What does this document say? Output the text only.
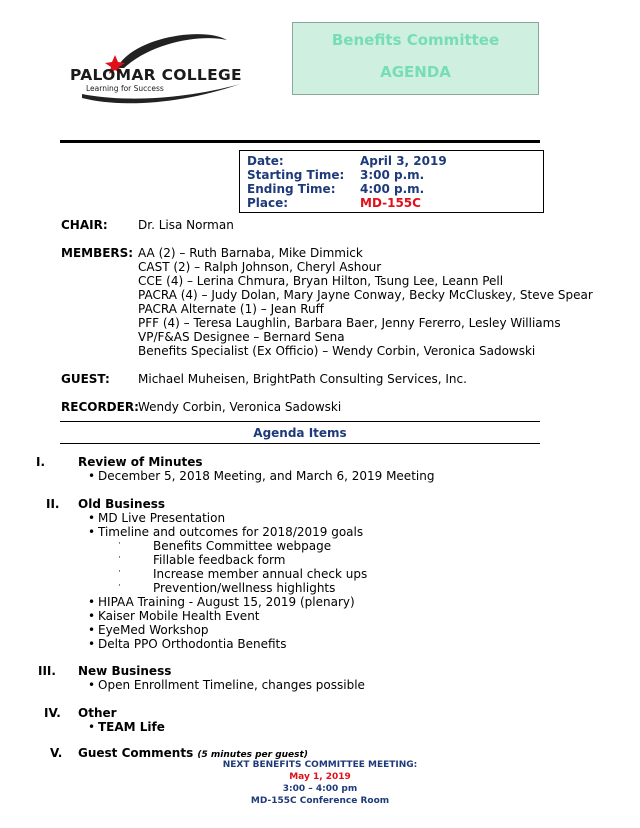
PALOMAR COLLEGE
Learning for Success
Benefits Committee
AGENDA
Date:	April 3, 2019
Starting Time: 3:00 p.m.
Ending Time: 4:00 p.m.
Place:	MD-155C
CHAIR:	Dr. Lisa Norman
MEMBERS: AA (2) – Ruth Barnaba, Mike Dimmick
CAST (2) – Ralph Johnson, Cheryl Ashour
CCE (4) – Lerina Chmura, Bryan Hilton, Tsung Lee, Leann Pell
PACRA (4) – Judy Dolan, Mary Jayne Conway, Becky McCluskey, Steve Spear
PACRA Alternate (1) – Jean Ruff
PFF (4) – Teresa Laughlin, Barbara Baer, Jenny Fererro, Lesley Williams
VP/F&AS Designee – Bernard Sena
Benefits Specialist (Ex Officio) – Wendy Corbin, Veronica Sadowski
GUEST: Michael Muheisen, BrightPath Consulting Services, Inc.
RECORDER: Wendy Corbin, Veronica Sadowski
Agenda Items
I.	Review of Minutes
• December 5, 2018 Meeting, and March 6, 2019 Meeting
II. Old Business
• MD Live Presentation
• Timeline and outcomes for 2018/2019 goals
·	Benefits Committee webpage
·	Fillable feedback form
·	Increase member annual check ups
·	Prevention/wellness highlights
• HIPAA Training - August 15, 2019 (plenary)
• Kaiser Mobile Health Event
• EyeMed Workshop
• Delta PPO Orthodontia Benefits
III. New Business
• Open Enrollment Timeline, changes possible
IV. Other
• TEAM Life
V. Guest Comments (5 minutes per guest)
NEXT BENEFITS COMMITTEE MEETING:
May 1, 2019
3:00 – 4:00 pm
MD-155C Conference Room
